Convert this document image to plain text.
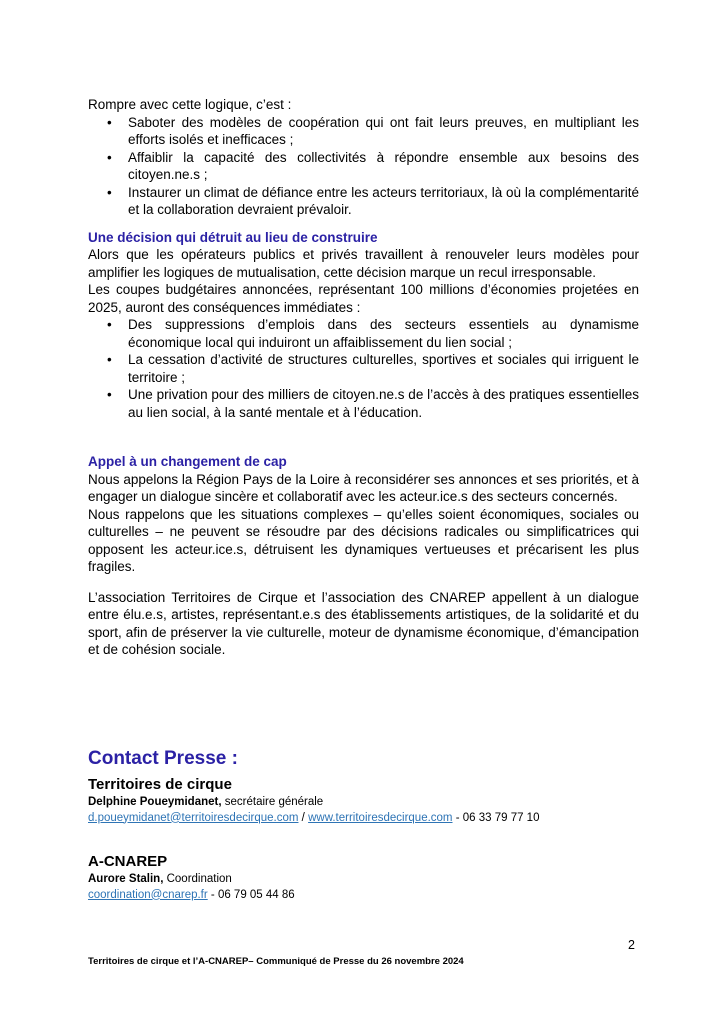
Rompre avec cette logique, c’est :

• Saboter des modèles de coopération qui ont fait leurs preuves, en multipliant les efforts isolés et inefficaces ;
• Affaiblir la capacité des collectivités à répondre ensemble aux besoins des citoyen.ne.s ;
• Instaurer un climat de défiance entre les acteurs territoriaux, là où la complémentarité et la collaboration devraient prévaloir.
Une décision qui détruit au lieu de construire

Alors que les opérateurs publics et privés travaillent à renouveler leurs modèles pour amplifier les logiques de mutualisation, cette décision marque un recul irresponsable.

Les coupes budgétaires annoncées, représentant 100 millions d’économies projetées en 2025, auront des conséquences immédiates :

• Des suppressions d’emplois dans des secteurs essentiels au dynamisme économique local qui induiront un affaiblissement du lien social ;
• La cessation d’activité de structures culturelles, sportives et sociales qui irriguent le territoire ;
• Une privation pour des milliers de citoyen.ne.s de l’accès à des pratiques essentielles au lien social, à la santé mentale et à l’éducation.
Appel à un changement de cap

Nous appelons la Région Pays de la Loire à reconsidérer ses annonces et ses priorités, et à engager un dialogue sincère et collaboratif avec les acteur.ice.s des secteurs concernés.

Nous rappelons que les situations complexes – qu’elles soient économiques, sociales ou culturelles – ne peuvent se résoudre par des décisions radicales ou simplificatrices qui opposent les acteur.ice.s, détruisent les dynamiques vertueuses et précarisent les plus fragiles.

L’association Territoires de Cirque et l’association des CNAREP appellent à un dialogue entre élu.e.s, artistes, représentant.e.s des établissements artistiques, de la solidarité et du sport, afin de préserver la vie culturelle, moteur de dynamisme économique, d’émancipation et de cohésion sociale.

Contact Presse :
Territoires de cirque

Delphine Poueymidanet, secrétaire générale

d.poueymidanet@territoiresdecirque.com / www.territoiresdecirque.com - 06 33 79 77 10

A-CNAREP

Aurore Stalin, Coordination

coordination@cnarep.fr - 06 79 05 44 86

2
Territoires de cirque et l’A-CNAREP– Communiqué de Presse du 26 novembre 2024
